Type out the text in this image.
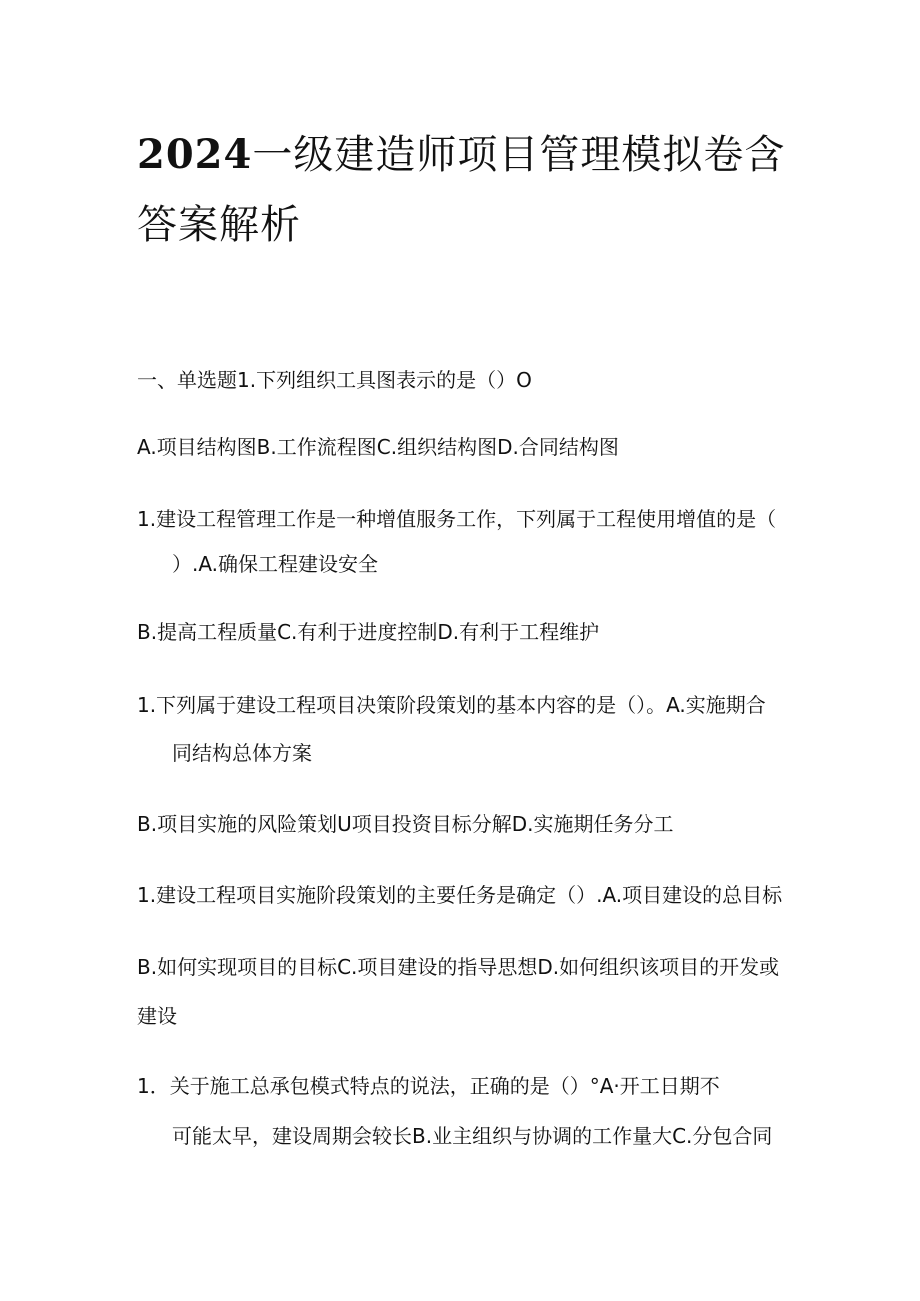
2024一级建造师项目管理模拟卷含
答案解析

一、单选题1.下列组织工具图表示的是（）O

A.项目结构图B.工作流程图C.组织结构图D.合同结构图

1.建设工程管理工作是一种增值服务工作，下列属于工程使用增值的是（

）.A.确保工程建设安全

B.提高工程质量C.有利于进度控制D.有利于工程维护

1.下列属于建设工程项目决策阶段策划的基本内容的是（）。A.实施期合

同结构总体方案

B.项目实施的风险策划U项目投资目标分解D.实施期任务分工

1.建设工程项目实施阶段策划的主要任务是确定（）.A.项目建设的总目标

B.如何实现项目的目标C.项目建设的指导思想D.如何组织该项目的开发或

建设

1．关于施工总承包模式特点的说法，正确的是（）°A·开工日期不

可能太早，建设周期会较长B.业主组织与协调的工作量大C.分包合同
